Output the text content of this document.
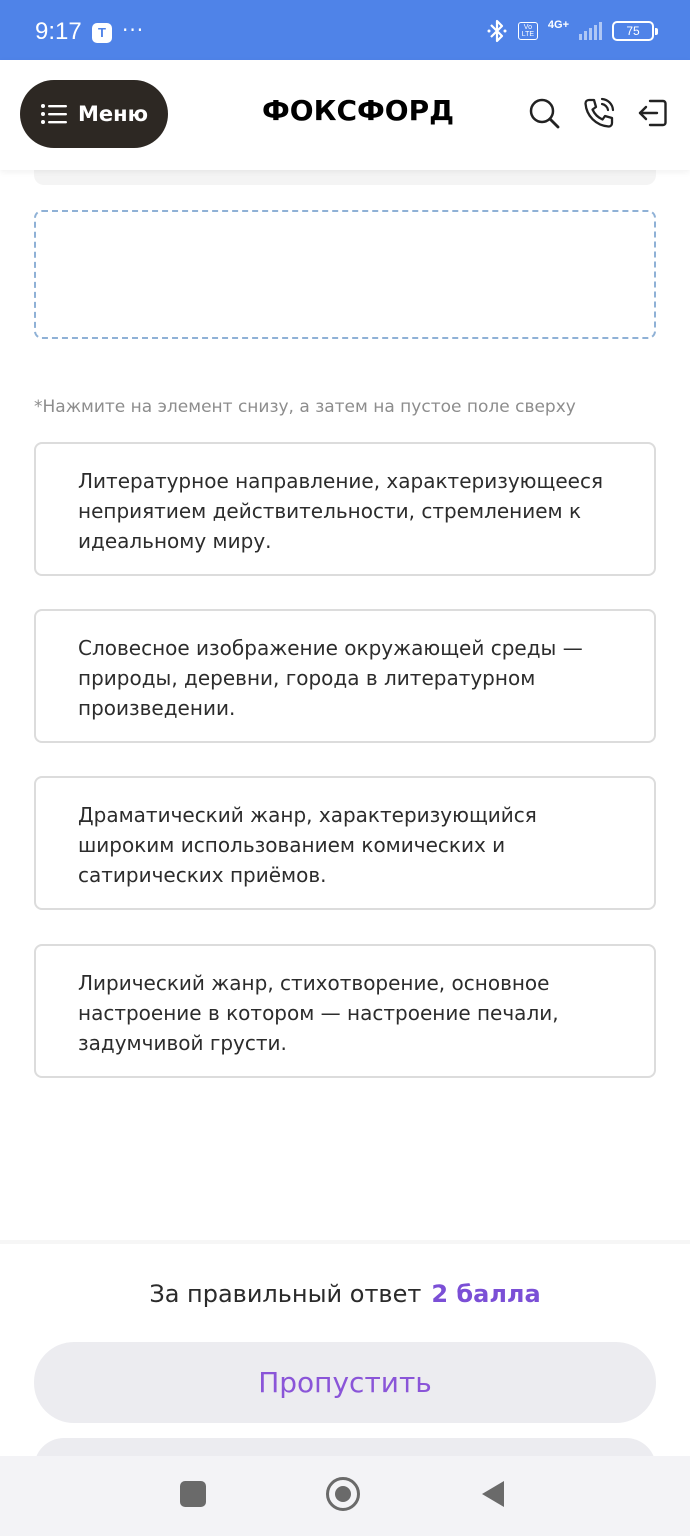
9:17	T ···	Vo LTE
4G+	75
Меню	ФОКСФОРД
*Нажмите на элемент снизу, а затем на пустое поле сверху
Литературное направление, характеризующееся неприятием действительности, стремлением к идеальному миру.
Словесное изображение окружающей среды — природы, деревни, города в литературном произведении.
Драматический жанр, характеризующийся широким использованием комических и сатирических приёмов.
Лирический жанр, стихотворение, основное настроение в котором — настроение печали, задумчивой грусти.
За правильный ответ 2 балла
Пропустить
